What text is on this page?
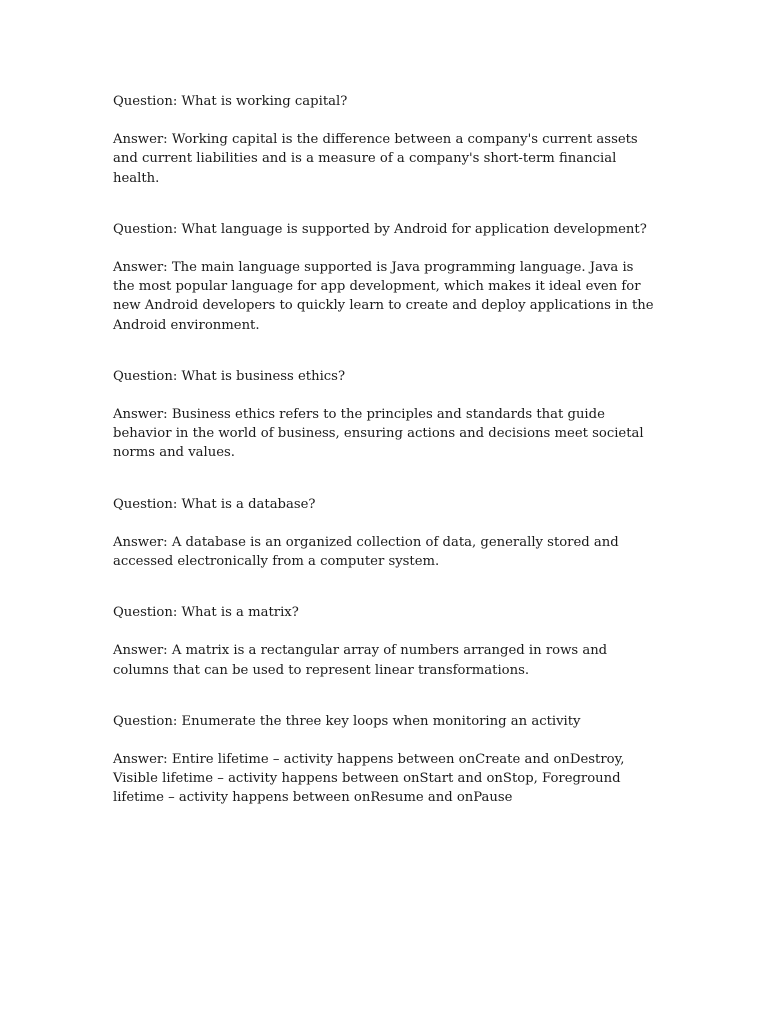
Question: What is working capital?

Answer: Working capital is the difference between a company's current assets and current liabilities and is a measure of a company's short-term financial health.

Question: What language is supported by Android for application development?

Answer: The main language supported is Java programming language. Java is the most popular language for app development, which makes it ideal even for new Android developers to quickly learn to create and deploy applications in the Android environment.

Question: What is business ethics?

Answer: Business ethics refers to the principles and standards that guide behavior in the world of business, ensuring actions and decisions meet societal norms and values.

Question: What is a database?

Answer: A database is an organized collection of data, generally stored and accessed electronically from a computer system.

Question: What is a matrix?

Answer: A matrix is a rectangular array of numbers arranged in rows and columns that can be used to represent linear transformations.

Question: Enumerate the three key loops when monitoring an activity

Answer: Entire lifetime – activity happens between onCreate and onDestroy, Visible lifetime – activity happens between onStart and onStop, Foreground lifetime – activity happens between onResume and onPause
